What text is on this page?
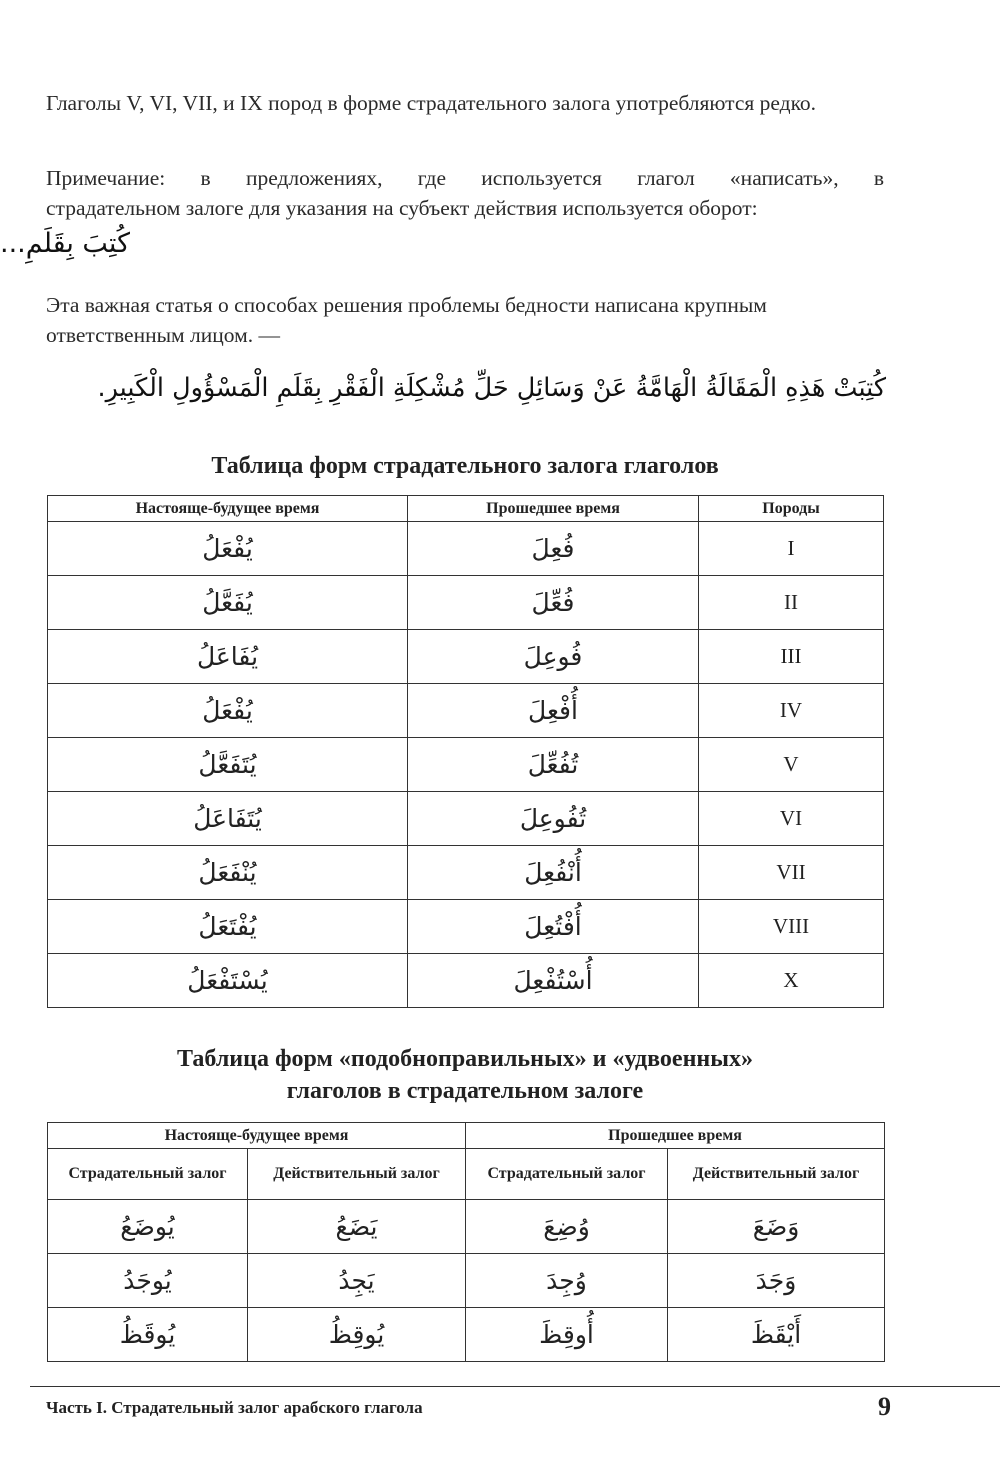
Глаголы V, VI, VII, и IX пород в форме страдательного залога употребляются редко.

Примечание: в предложениях, где используется глагол «написать», в
страдательном залоге для указания на субъект действия используется оборот:
كُتِبَ بِقَلَمِ...

Эта важная статья о способах решения проблемы бедности написана крупным ответственным лицом. —

كُتِبَتْ هَذِهِ الْمَقَالَةُ الْهَامَّةُ عَنْ وَسَائِلِ حَلِّ مُشْكِلَةِ الْفَقْرِ بِقَلَمِ الْمَسْؤُولِ الْكَبِيرِ.
Таблица форм страдательного залога глаголов
Настояще-будущее время	Прошедшее время	Породы
يُفْعَلُ	فُعِلَ	I
يُفَعَّلُ	فُعِّلَ	II
يُفَاعَلُ	فُوعِلَ	III
يُفْعَلُ	أُفْعِلَ	IV
يُتَفَعَّلُ	تُفُعِّلَ	V
يُتَفَاعَلُ	تُفُوعِلَ	VI
يُنْفَعَلُ	أُنْفُعِلَ	VII
يُفْتَعَلُ	أُفْتُعِلَ	VIII
يُسْتَفْعَلُ	أُسْتُفْعِلَ	X
Таблица форм «подобноправильных» и «удвоенных»
глаголов в страдательном залоге
Настояще-будущее время		Прошедшее время	
Страдательный залог	Действительный залог	Страдательный залог	Действительный залог
يُوضَعُ	يَضَعُ	وُضِعَ	وَضَعَ
يُوجَدُ	يَجِدُ	وُجِدَ	وَجَدَ
يُوقَظُ	يُوقِظُ	أُوقِظَ	أَيْقَظَ
Часть I. Страдательный залог арабского глагола	9
